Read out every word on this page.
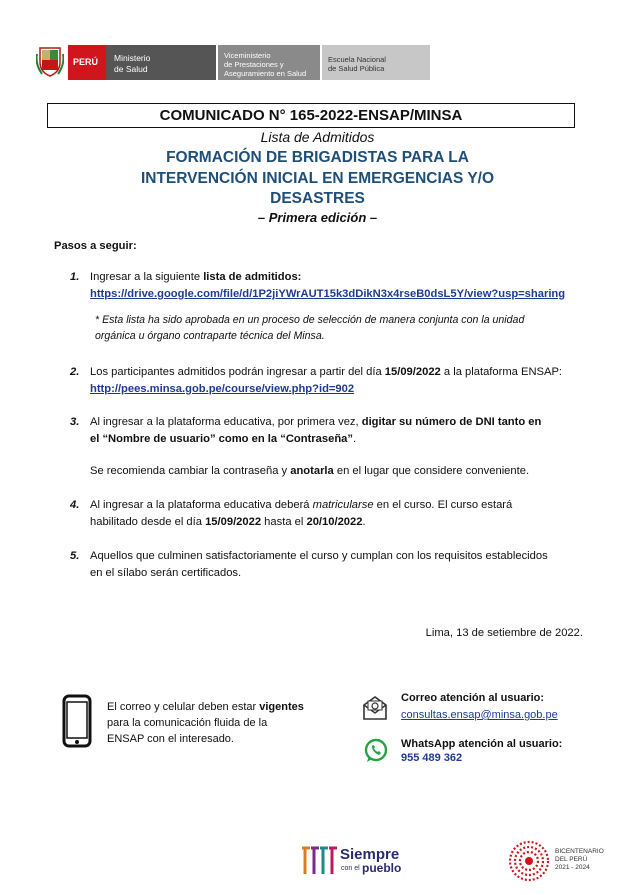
PERÚ	Ministerio
de Salud
Viceministerio
de Prestaciones y
Aseguramiento en Salud
Escuela Nacional
de Salud Pública
COMUNICADO N° 165-2022-ENSAP/MINSA
Lista de Admitidos
FORMACIÓN DE BRIGADISTAS PARA LA
INTERVENCIÓN INICIAL EN EMERGENCIAS Y/O
DESASTRES
– Primera edición –
Pasos a seguir:
1. Ingresar a la siguiente lista de admitidos:
https://drive.google.com/file/d/1P2jiYWrAUT15k3dDikN3x4rseB0dsL5Y/view?usp=sharing
* Esta lista ha sido aprobada en un proceso de selección de manera conjunta con la unidad
orgánica u órgano contraparte técnica del Minsa.
2. Los participantes admitidos podrán ingresar a partir del día 15/09/2022 a la plataforma ENSAP:
http://pees.minsa.gob.pe/course/view.php?id=902
3. Al ingresar a la plataforma educativa, por primera vez, digitar su número de DNI tanto en
el “Nombre de usuario” como en la “Contraseña”.
Se recomienda cambiar la contraseña y anotarla en el lugar que considere conveniente.
4. Al ingresar a la plataforma educativa deberá matricularse en el curso. El curso estará
habilitado desde el día 15/09/2022 hasta el 20/10/2022.
5. Aquellos que culminen satisfactoriamente el curso y cumplan con los requisitos establecidos
en el sílabo serán certificados.
Lima, 13 de setiembre de 2022.
El correo y celular deben estar vigentes
para la comunicación fluida de la
ENSAP con el interesado.
Correo atención al usuario:
consultas.ensap@minsa.gob.pe
WhatsApp atención al usuario:
955 489 362
Siempre
con el pueblo
BICENTENARIO
DEL PERÚ
2021 - 2024
